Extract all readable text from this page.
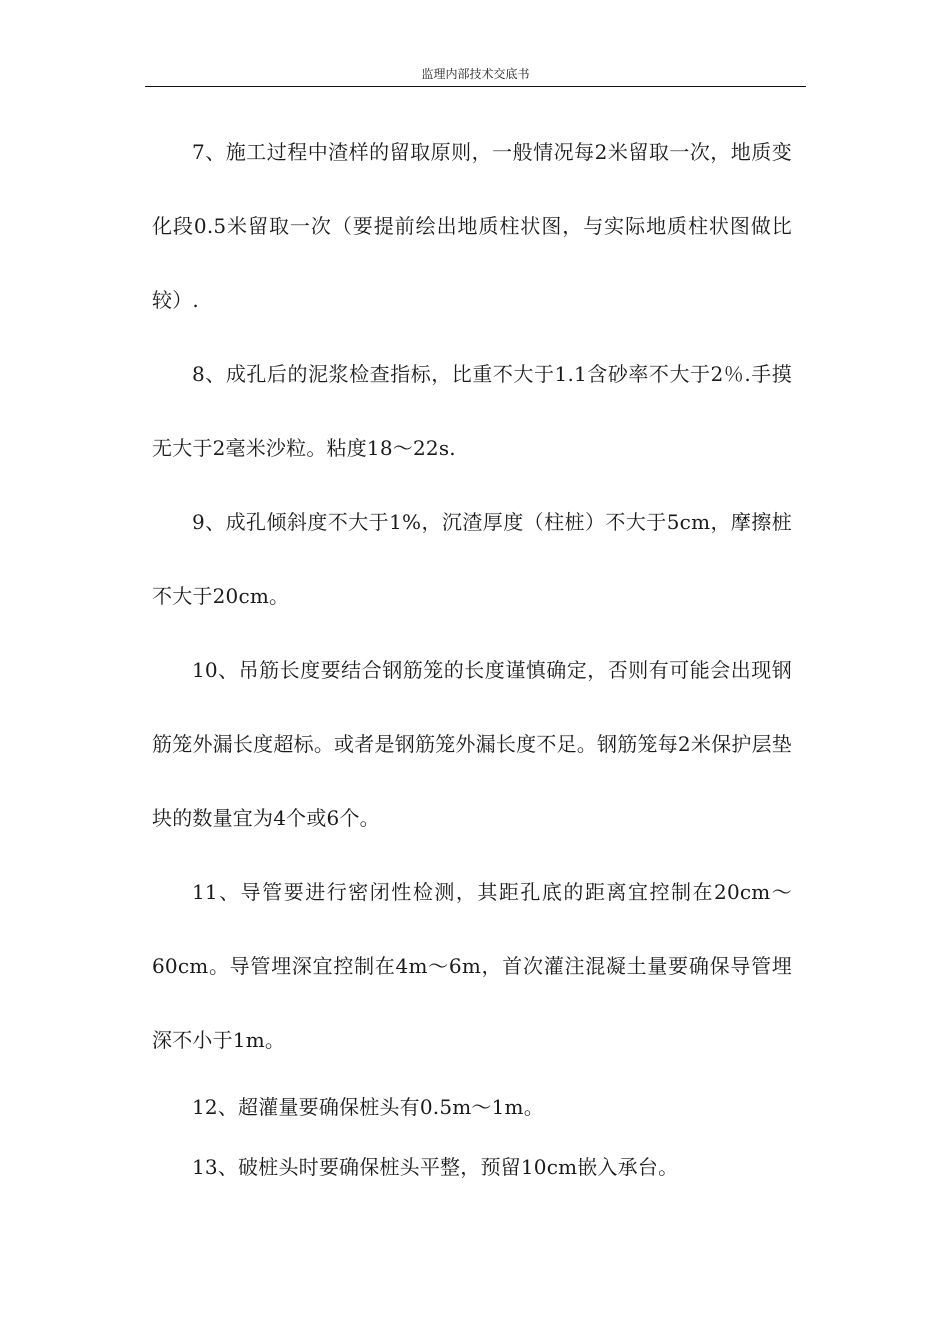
监理内部技术交底书

7、施工过程中渣样的留取原则，一般情况每2米留取一次，地质变化段0.5米留取一次（要提前绘出地质柱状图，与实际地质柱状图做比较）.

8、成孔后的泥浆检查指标，比重不大于1.1含砂率不大于2％.手摸无大于2毫米沙粒。粘度18～22s.

9、成孔倾斜度不大于1%，沉渣厚度（柱桩）不大于5cm，摩擦桩不大于20cm。

10、吊筋长度要结合钢筋笼的长度谨慎确定，否则有可能会出现钢筋笼外漏长度超标。或者是钢筋笼外漏长度不足。钢筋笼每2米保护层垫块的数量宜为4个或6个。

11、导管要进行密闭性检测，其距孔底的距离宜控制在20cm～60cm。导管埋深宜控制在4m～6m，首次灌注混凝土量要确保导管埋深不小于1m。

12、超灌量要确保桩头有0.5m～1m。

13、破桩头时要确保桩头平整，预留10cm嵌入承台。
